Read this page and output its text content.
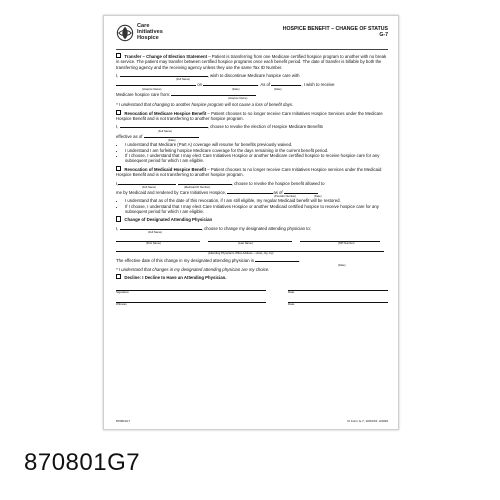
Care
Initiatives
Hospice
HOSPICE BENEFIT – CHANGE OF STATUS
G-7

Transfer – Change of Election Statement – Patient is transferring from one Medicare certified hospice program to another with no break in service. The patient may transfer between certified hospice programs once each benefit period. The date of transfer is billable by both the transferring agency and the receiving agency unless they use the same Tax ID Number.

I,	, wish to discontinue Medicare hospice care with

(Full Name)

on	. As of	, I wish to receive

(Hospice Name)	(Date)	(Date)

Medicare hospice care from:

(Hospice Name)

* I understand that changing to another hospice program will not cause a loss of benefit days.

Revocation of Medicare Hospice Benefit – Patient chooses to no longer receive Care Initiatives Hospice Services under the Medicare Hospice Benefit and is not transferring to another hospice program.

I,	, choose to revoke the election of Hospice Medicare Benefits

(Full Name)

effective as of

(Date)
• I understand that Medicare (Part A) coverage will resume for benefits previously waived.
• I understand I am forfeiting hospice Medicare coverage for the days remaining in the current benefit period.
• If I choose, I understand that I may elect Care Initiatives Hospice or another Medicare certified hospice to receive hospice care for any subsequent period for which I am eligible.

Revocation of Medicaid Hospice Benefit – Patient chooses to no longer receive Care Initiatives Hospice services under the Medicaid Hospice Benefit and is not transferring to another hospice program.

I,	, choose to revoke the hospice benefit allowed to

(Full Name)	(Medicaid ID Number)

me by Medicaid and rendered by Care Initiatives Hospice,	as of

(Provider Number)	(Date)
• I understand that as of the date of this revocation, if I am still eligible, my regular Medicaid benefit will be restored.
• If I choose, I understand that I may elect Care Initiatives Hospice or another Medicaid certified hospice to receive hospice care for any subsequent period for which I am eligible.

Change of Designated Attending Physician

I,	, choose to change my designated attending physician to:

(Full Name)
(First Name)	(Last Name)	(NPI Number)
(Attending Physician's Office Address – street, city, zip)

The effective date of this change in my designated attending physician is	.

(Date)

* I understand that changes in my designated attending physician are my choice.

Decline: I Decline to Have an Attending Physician.

Signature	Date
Witness	Date
870801G7	CI Form G-7; 10/02/15; 2/2025
870801G7
